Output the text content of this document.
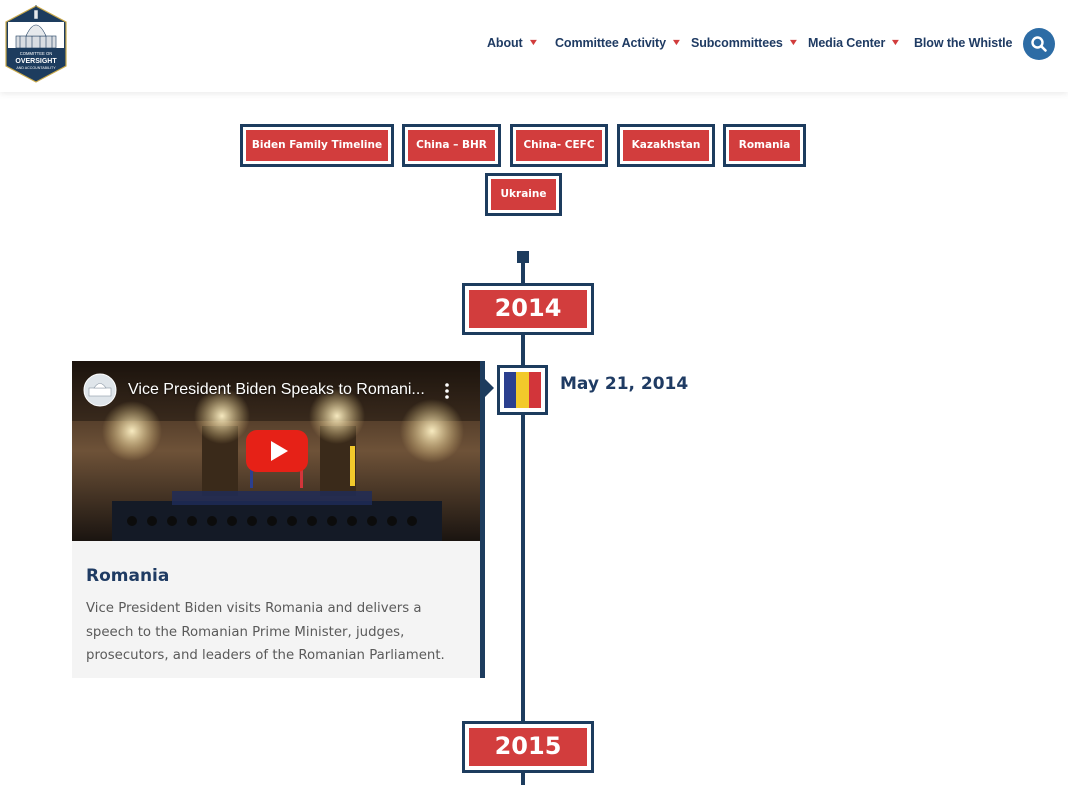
COMMITTEE ON
OVERSIGHT
AND ACCOUNTABILITY
About ▼ Committee Activity ▼ Subcommittees ▼ Media Center ▼ Blow the Whistle
Biden Family Timeline	China – BHR	China- CEFC	Kazakhstan	Romania
Ukraine
2014
Vice President Biden Speaks to Romani...
Romania
Vice President Biden visits Romania and delivers a speech to the Romanian Prime Minister, judges, prosecutors, and leaders of the Romanian Parliament.
May 21, 2014
2015
